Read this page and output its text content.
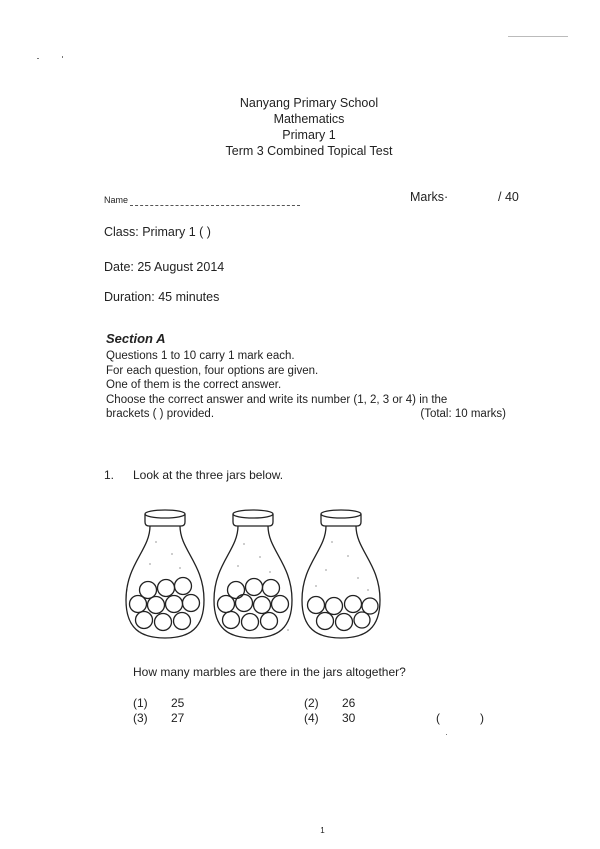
Nanyang Primary School
Mathematics
Primary 1
Term 3 Combined Topical Test
Name	Marks·	/ 40
Class: Primary 1 ( )
Date: 25 August 2014
Duration: 45 minutes
Section A
Questions 1 to 10 carry 1 mark each.
For each question, four options are given.
One of them is the correct answer.
Choose the correct answer and write its number (1, 2, 3 or 4) in the
brackets ( ) provided.	(Total: 10 marks)
1. Look at the three jars below.
How many marbles are there in the jars altogether?
(1) 25	(2) 26
(3) 27	(4) 30	(            )
1
